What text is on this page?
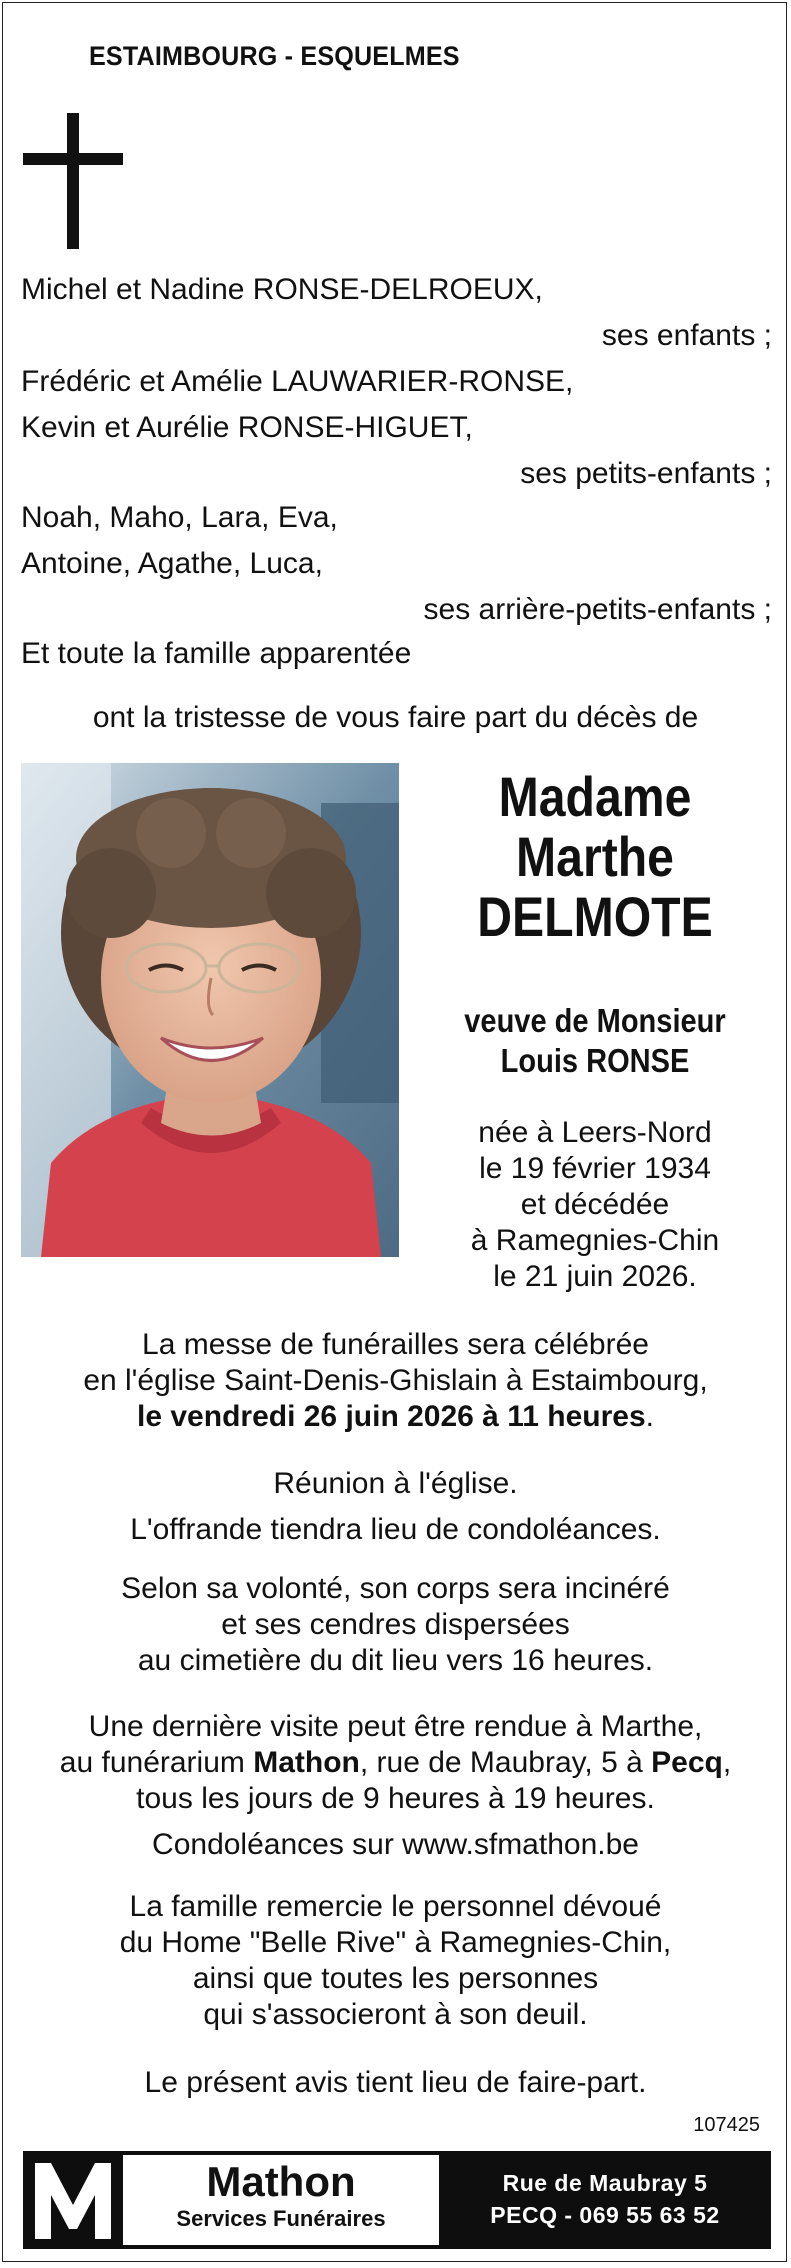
ESTAIMBOURG - ESQUELMES
Michel et Nadine RONSE-DELROEUX,
ses enfants ;
Frédéric et Amélie LAUWARIER-RONSE,
Kevin et Aurélie RONSE-HIGUET,
ses petits-enfants ;
Noah, Maho, Lara, Eva,
Antoine, Agathe, Luca,
ses arrière-petits-enfants ;
Et toute la famille apparentée
ont la tristesse de vous faire part du décès de
Madame
Marthe
DELMOTE
veuve de Monsieur
Louis RONSE
née à Leers-Nord
le 19 février 1934
et décédée
à Ramegnies-Chin
le 21 juin 2026.
La messe de funérailles sera célébrée
en l'église Saint-Denis-Ghislain à Estaimbourg,
le vendredi 26 juin 2026 à 11 heures.
Réunion à l'église.
L'offrande tiendra lieu de condoléances.
Selon sa volonté, son corps sera incinéré
et ses cendres dispersées
au cimetière du dit lieu vers 16 heures.
Une dernière visite peut être rendue à Marthe,
au funérarium Mathon, rue de Maubray, 5 à Pecq,
tous les jours de 9 heures à 19 heures.
Condoléances sur www.sfmathon.be
La famille remercie le personnel dévoué
du Home "Belle Rive" à Ramegnies-Chin,
ainsi que toutes les personnes
qui s'associeront à son deuil.
Le présent avis tient lieu de faire-part.
107425
Mathon
Services Funéraires
Rue de Maubray 5
PECQ - 069 55 63 52
